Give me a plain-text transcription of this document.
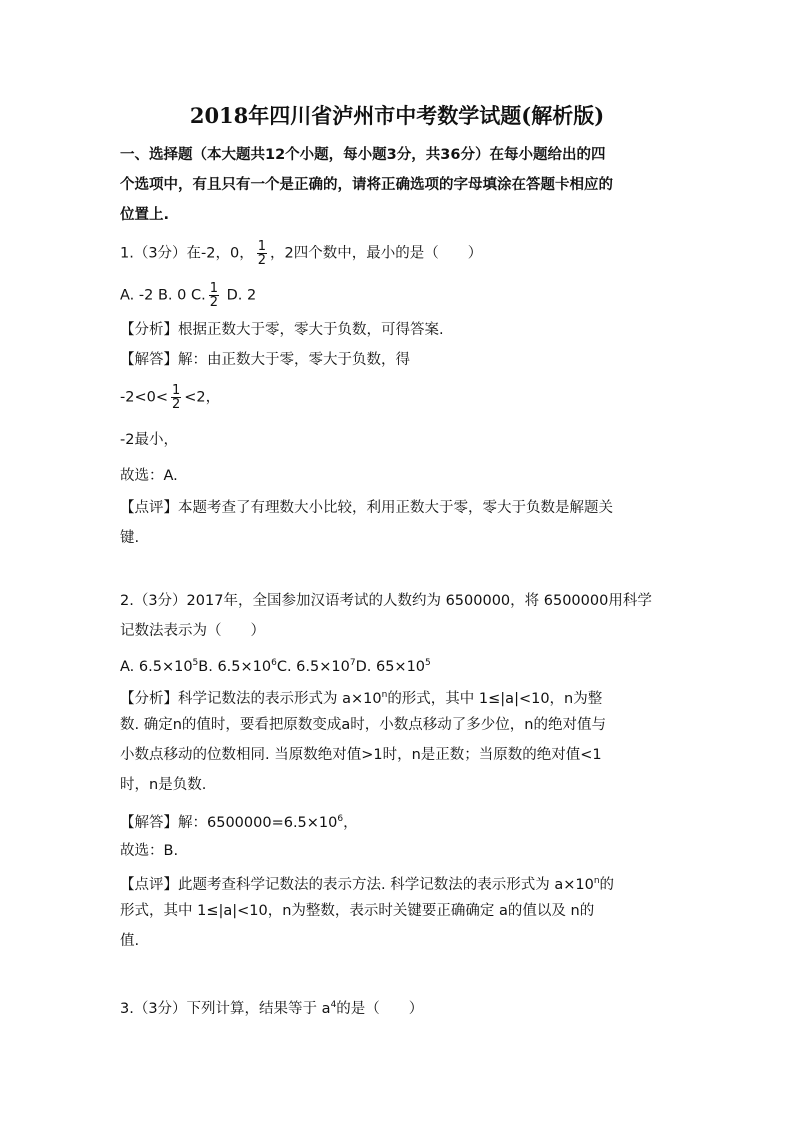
2018年四川省泸州市中考数学试题(解析版)
一、选择题（本大题共12个小题，每小题3分，共36分）在每小题给出的四
个选项中，有且只有一个是正确的，请将正确选项的字母填涂在答题卡相应的
位置上.
1.（3分）在-2，0， $\frac{1}{2}$ ，2四个数中，最小的是（　　）
A. -2 B. 0 C. $\frac{1}{2} D$. 2
【分析】根据正数大于零，零大于负数，可得答案.
【解答】解：由正数大于零，零大于负数，得
$-2<0< \frac{1}{2} <2$，
-2最小，
故选：A.
【点评】本题考查了有理数大小比较，利用正数大于零，零大于负数是解题关
键.
2.（3分）2017年，全国参加汉语考试的人数约为 6500000，将 6500000用科学
记数法表示为（　　）
A. $6.5\times 10^5B$. $6.5\times 10^6C$. $6.5\times 10^7D$. $65\times 10^5$
【分析】科学记数法的表示形式为 $a\times 10^n$的形式，其中 1≤|a|<10，n为整
数. 确定n的值时，要看把原数变成a时，小数点移动了多少位，n的绝对值与
小数点移动的位数相同. 当原数绝对值>1时，n是正数；当原数的绝对值<1
时，n是负数.
【解答】解：$6500000=6.5\times 10^6$，
故选：B.
【点评】此题考查科学记数法的表示方法. 科学记数法的表示形式为 $a\times 10^n$的
形式，其中 1≤|a|<10，n为整数，表示时关键要正确确定 a的值以及 n的
值.
3.（3分）下列计算，结果等于 $a^4$的是（　　）
